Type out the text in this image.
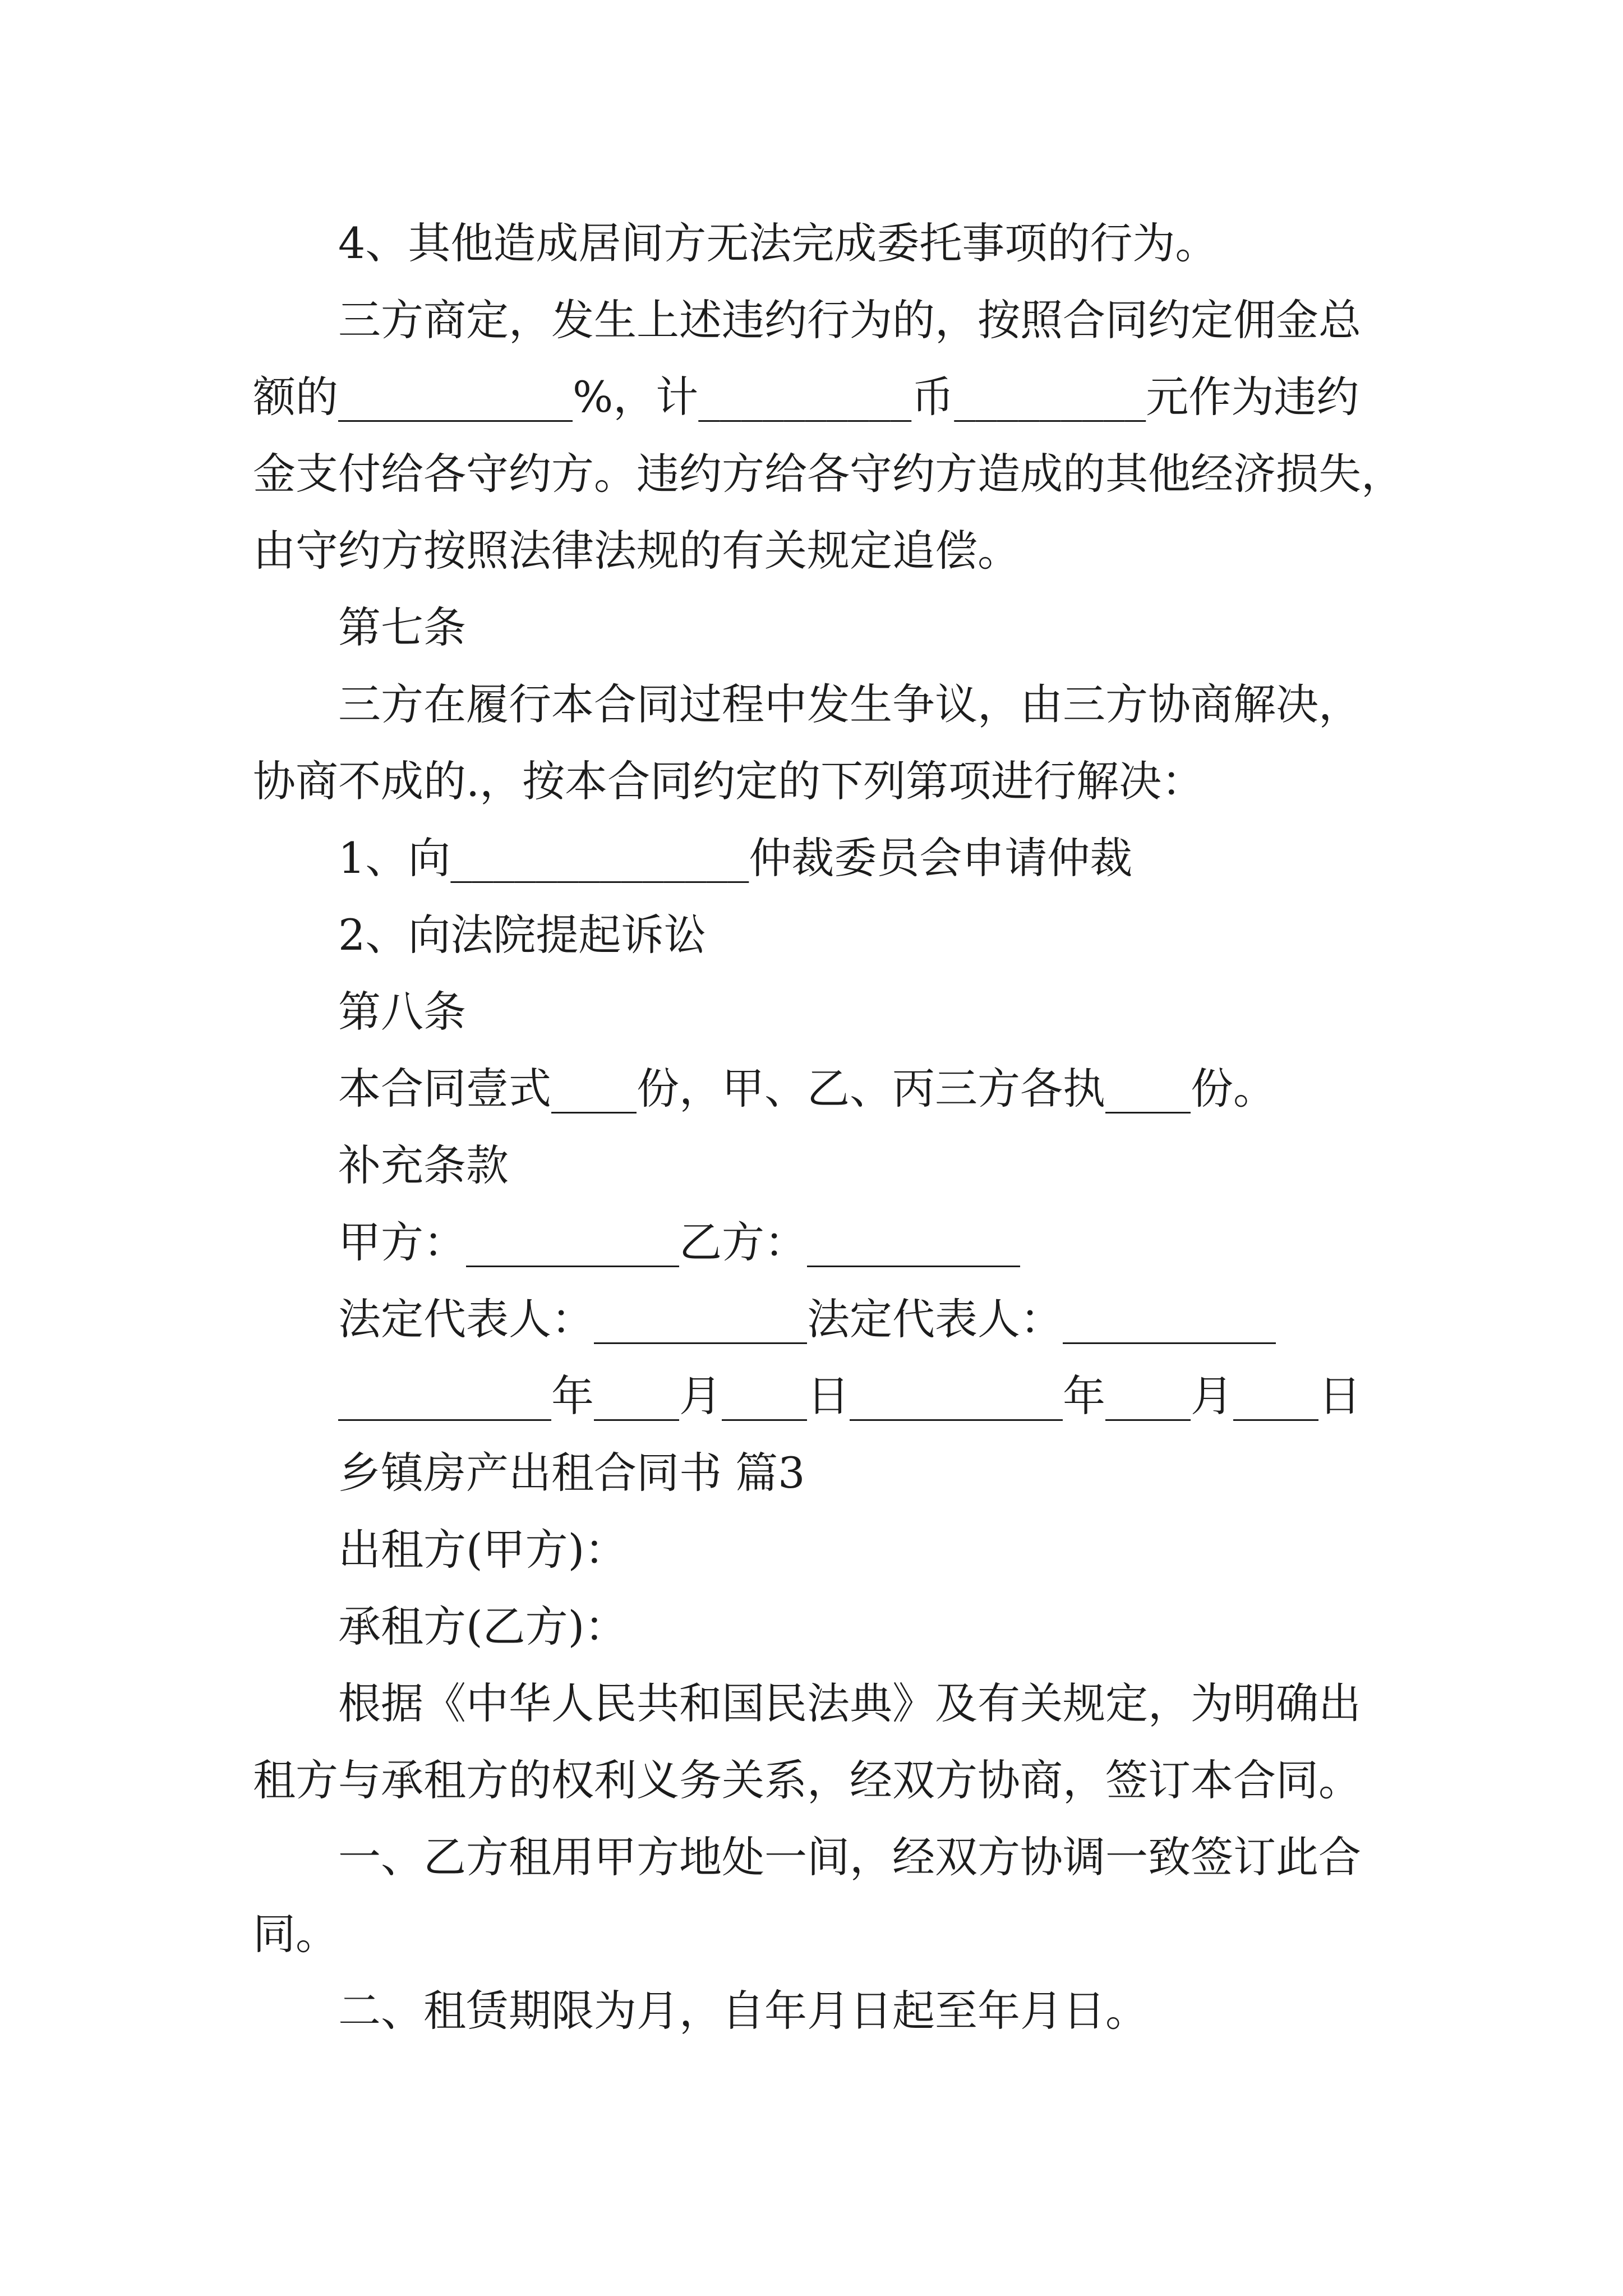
4、其他造成居间方无法完成委托事项的行为。

三方商定，发生上述违约行为的，按照合同约定佣金总

额的___________%，计__________币_________元作为违约

金支付给各守约方。违约方给各守约方造成的其他经济损失，

由守约方按照法律法规的有关规定追偿。

第七条

三方在履行本合同过程中发生争议，由三方协商解决，

协商不成的.，按本合同约定的下列第项进行解决：

1、向______________仲裁委员会申请仲裁

2、向法院提起诉讼

第八条

本合同壹式____份，甲、乙、丙三方各执____份。

补充条款

甲方：__________乙方：__________

法定代表人：__________法定代表人：__________

__________年____月____日__________年____月____日

乡镇房产出租合同书 篇3

出租方(甲方)：

承租方(乙方)：

根据《中华人民共和国民法典》及有关规定，为明确出

租方与承租方的权利义务关系，经双方协商，签订本合同。

一、乙方租用甲方地处一间，经双方协调一致签订此合

同。

二、租赁期限为月，自年月日起至年月日。
